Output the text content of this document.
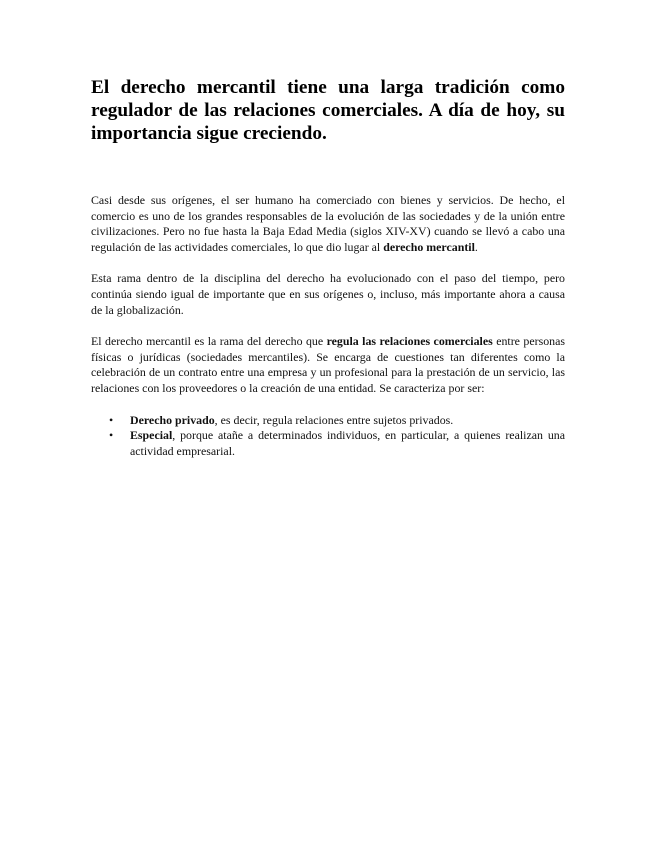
El derecho mercantil tiene una larga tradición como regulador de las relaciones comerciales. A día de hoy, su importancia sigue creciendo.

Casi desde sus orígenes, el ser humano ha comerciado con bienes y servicios. De hecho, el comercio es uno de los grandes responsables de la evolución de las sociedades y de la unión entre civilizaciones. Pero no fue hasta la Baja Edad Media (siglos XIV-XV) cuando se llevó a cabo una regulación de las actividades comerciales, lo que dio lugar al derecho mercantil.

Esta rama dentro de la disciplina del derecho ha evolucionado con el paso del tiempo, pero continúa siendo igual de importante que en sus orígenes o, incluso, más importante ahora a causa de la globalización.

El derecho mercantil es la rama del derecho que regula las relaciones comerciales entre personas físicas o jurídicas (sociedades mercantiles). Se encarga de cuestiones tan diferentes como la celebración de un contrato entre una empresa y un profesional para la prestación de un servicio, las relaciones con los proveedores o la creación de una entidad. Se caracteriza por ser:

• Derecho privado, es decir, regula relaciones entre sujetos privados.
• Especial, porque atañe a determinados individuos, en particular, a quienes realizan una actividad empresarial.
